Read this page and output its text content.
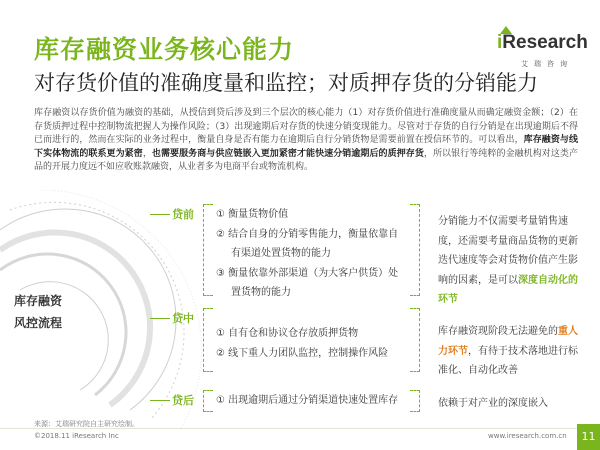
库存融资业务核心能力
对存货价值的准确度量和监控；对质押存货的分销能力
iResearch
艾瑞咨询
库存融资以存货价值为融资的基础，从授信到贷后涉及到三个层次的核心能力（1）对存货价值进行准确度量从而确定融资金额；（2）在存货质押过程中控制物流把握人为操作风险；（3）出现逾期后对存货的快速分销变现能力。尽管对于存货的自行分销是在出现逾期后不得已而进行的，然而在实际的业务过程中，衡量自身是否有能力在逾期后自行分销货物是需要前置在授信环节的。可以看出，库存融资与线下实体物流的联系更为紧密，也需要服务商与供应链嵌入更加紧密才能快速分销逾期后的质押存货，所以银行等纯粹的金融机构对这类产品的开展力度远不如应收账款融资，从业者多为电商平台或物流机构。
库存融资
风控流程
贷前 ① 衡量货物价值
② 结合自身的分销零售能力，衡量依靠自
有渠道处置货物的能力
③ 衡量依靠外部渠道（为大客户供货）处
置货物的能力
分销能力不仅需要考量销售速度，还需要考量商品货物的更新迭代速度等会对货物价值产生影响的因素，是可以深度自动化的环节
贷中
① 自有仓和协议仓存放质押货物
② 线下重人力团队监控，控制操作风险
库存融资现阶段无法避免的重人力环节，有待于技术落地进行标准化、自动化改善
贷后 ① 出现逾期后通过分销渠道快速处置库存	依赖于对产业的深度嵌入
来源：艾瑞研究院自主研究绘制。
©2018.11 iResearch Inc	www.iresearch.com.cn	11
